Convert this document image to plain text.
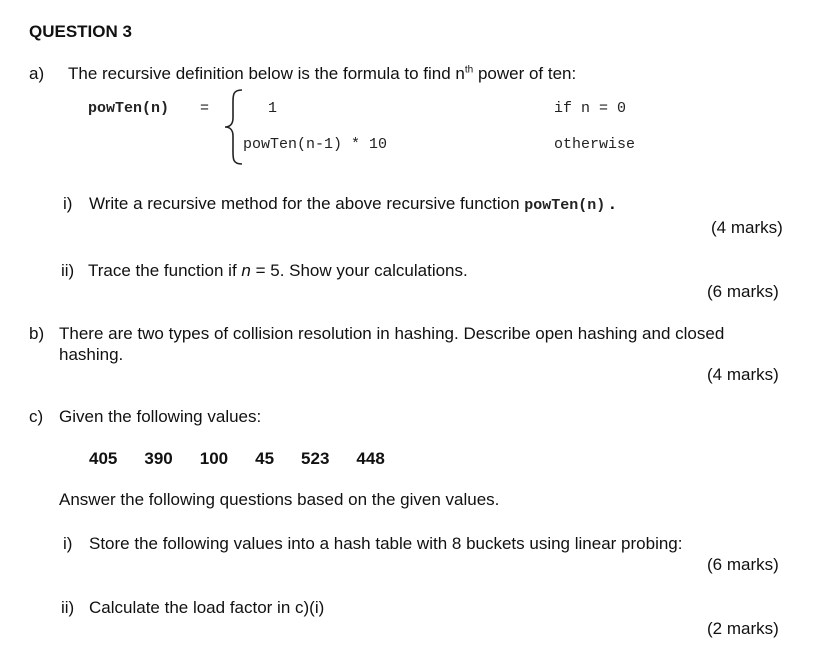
QUESTION 3
a) The recursive definition below is the formula to find $n^{th}$ power of ten:
powTen(n) =	1	if n = 0
powTen(n-1) * 10	otherwise
i) Write a recursive method for the above recursive function powTen(n) .
(4 marks)
ii) Trace the function if n = 5. Show your calculations.
(6 marks)
b) There are two types of collision resolution in hashing. Describe open hashing and closed
hashing.
(4 marks)
c) Given the following values:
405 390 100 45 523 448
Answer the following questions based on the given values.
i) Store the following values into a hash table with 8 buckets using linear probing:
(6 marks)
ii) Calculate the load factor in c)(i)
(2 marks)
